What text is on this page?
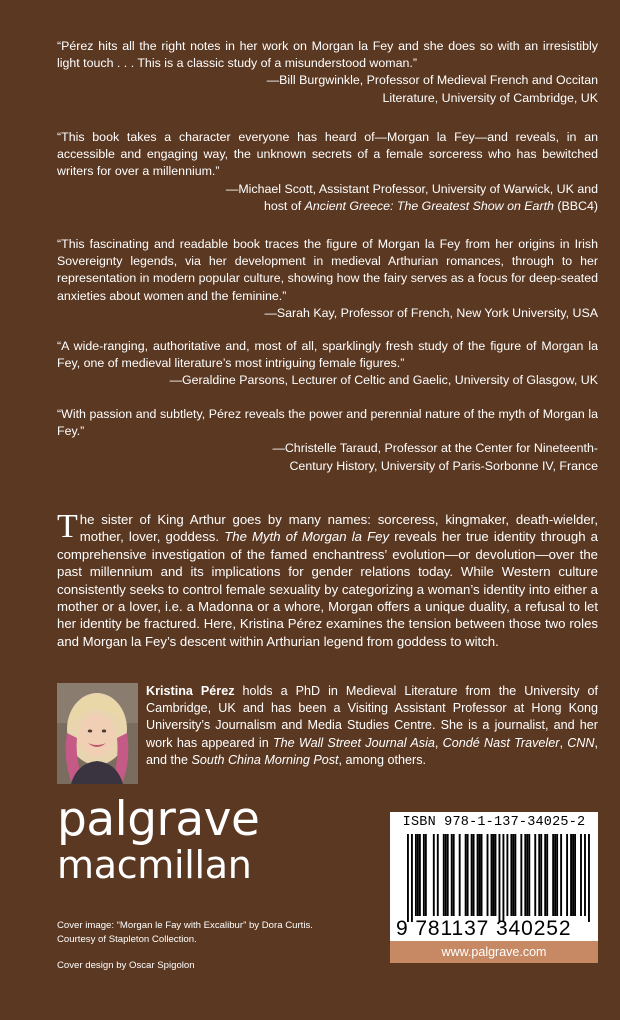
“Pérez hits all the right notes in her work on Morgan la Fey and she does so with an irresistibly light touch . . . This is a classic study of a misunderstood woman.”

—Bill Burgwinkle, Professor of Medieval French and Occitan

Literature, University of Cambridge, UK

“This book takes a character everyone has heard of—Morgan la Fey—and reveals, in an accessible and engaging way, the unknown secrets of a female sorceress who has bewitched writers for over a millennium.”

—Michael Scott, Assistant Professor, University of Warwick, UK and

host of Ancient Greece: The Greatest Show on Earth (BBC4)

“This fascinating and readable book traces the figure of Morgan la Fey from her origins in Irish Sovereignty legends, via her development in medieval Arthurian romances, through to her representation in modern popular culture, showing how the fairy serves as a focus for deep-seated anxieties about women and the feminine.”

—Sarah Kay, Professor of French, New York University, USA

“A wide-ranging, authoritative and, most of all, sparklingly fresh study of the figure of Morgan la Fey, one of medieval literature’s most intriguing female figures.”

—Geraldine Parsons, Lecturer of Celtic and Gaelic, University of Glasgow, UK

“With passion and subtlety, Pérez reveals the power and perennial nature of the myth of Morgan la Fey.”

—Christelle Taraud, Professor at the Center for Nineteenth-

Century History, University of Paris-Sorbonne IV, France

The sister of King Arthur goes by many names: sorceress, kingmaker, death-wielder, mother, lover, goddess. The Myth of Morgan la Fey reveals her true identity through a comprehensive investigation of the famed enchantress’ evolution—or devolution—over the past millennium and its implications for gender relations today. While Western culture consistently seeks to control female sexuality by categorizing a woman’s identity into either a mother or a lover, i.e. a Madonna or a whore, Morgan offers a unique duality, a refusal to let her identity be fractured. Here, Kristina Pérez examines the tension between those two roles and Morgan la Fey’s descent within Arthurian legend from goddess to witch.
Kristina Pérez holds a PhD in Medieval Literature from the University of Cambridge, UK and has been a Visiting Assistant Professor at Hong Kong University’s Journalism and Media Studies Centre. She is a journalist, and her work has appeared in The Wall Street Journal Asia, Condé Nast Traveler, CNN, and the South China Morning Post, among others.
palgrave
macmillan

Cover image: “Morgan le Fay with Excalibur” by Dora Curtis.

Courtesy of Stapleton Collection.

Cover design by Oscar Spigolon

ISBN 978-1-137-34025-2
9 781137 340252
www.palgrave.com
